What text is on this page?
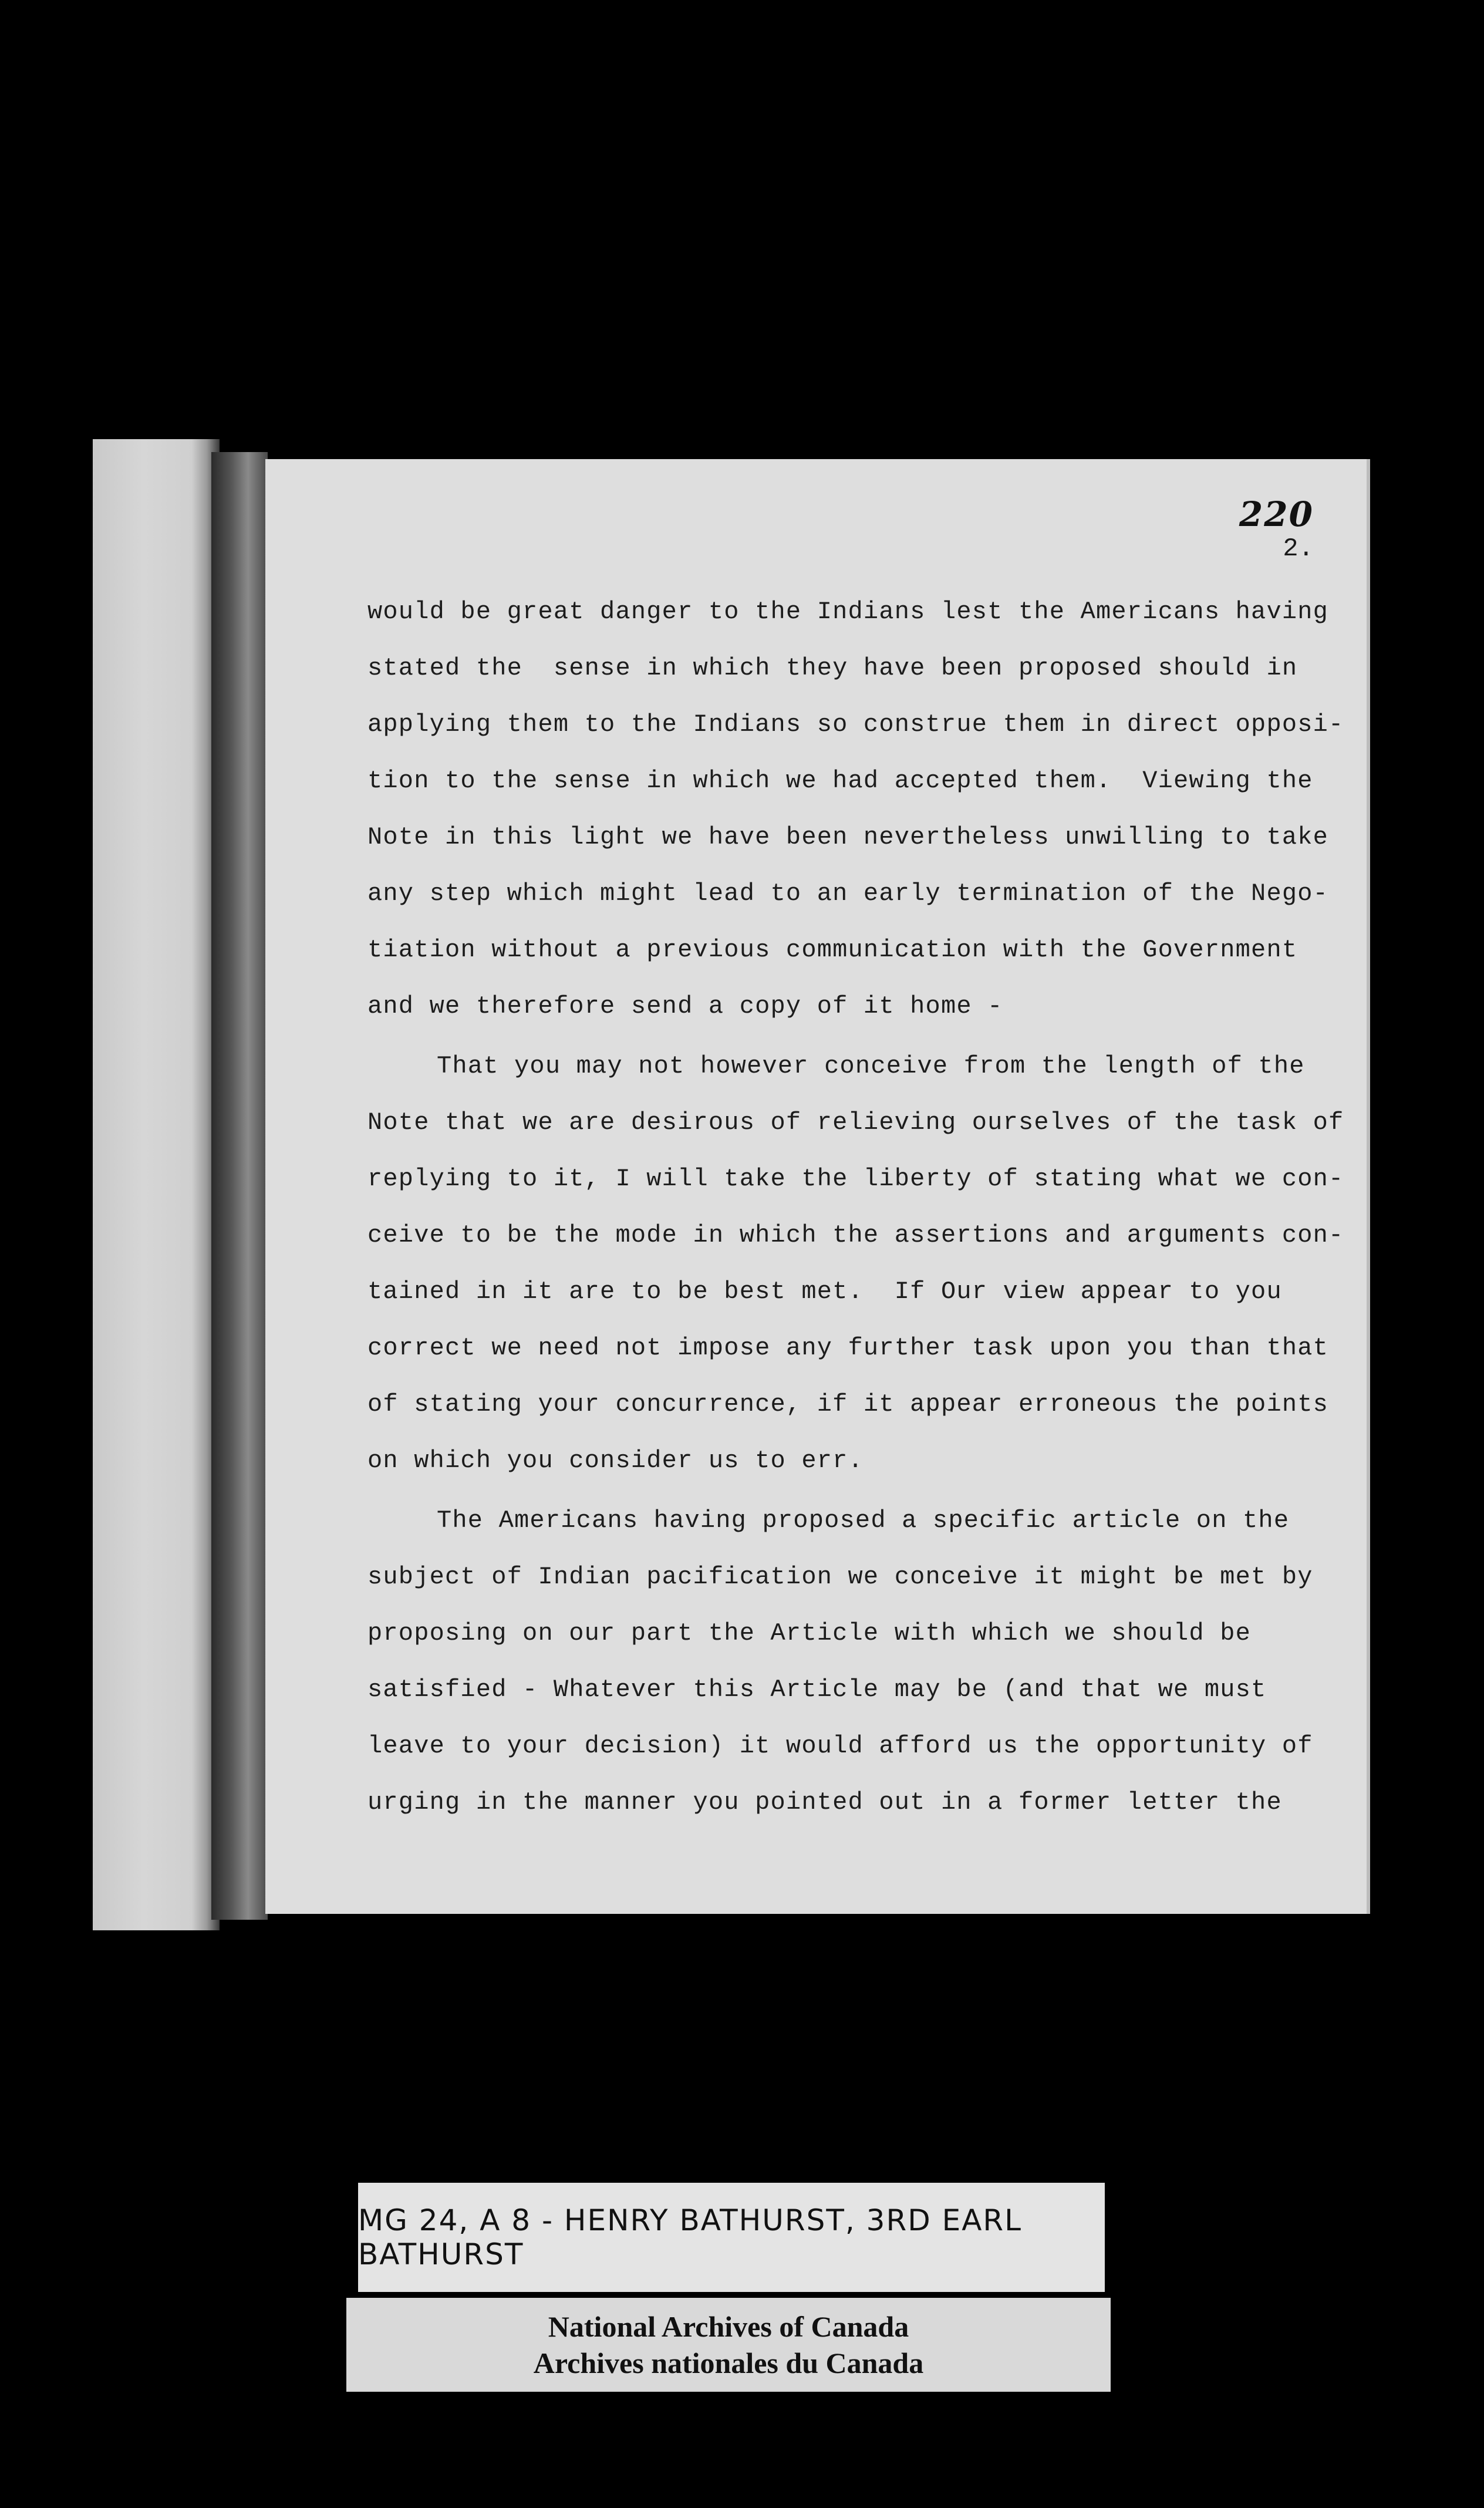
220
2.
would be great danger to the Indians lest the Americans having
stated the  sense in which they have been proposed should in
applying them to the Indians so construe them in direct opposi-
tion to the sense in which we had accepted them.  Viewing the
Note in this light we have been nevertheless unwilling to take
any step which might lead to an early termination of the Nego-
tiation without a previous communication with the Government
and we therefore send a copy of it home -
That you may not however conceive from the length of the
Note that we are desirous of relieving ourselves of the task of
replying to it, I will take the liberty of stating what we con-
ceive to be the mode in which the assertions and arguments con-
tained in it are to be best met.  If Our view appear to you
correct we need not impose any further task upon you than that
of stating your concurrence, if it appear erroneous the points
on which you consider us to err.
The Americans having proposed a specific article on the
subject of Indian pacification we conceive it might be met by
proposing on our part the Article with which we should be
satisfied - Whatever this Article may be (and that we must
leave to your decision) it would afford us the opportunity of
urging in the manner you pointed out in a former letter the
MG 24, A 8 - HENRY BATHURST, 3RD EARL BATHURST
National Archives of Canada
Archives nationales du Canada
